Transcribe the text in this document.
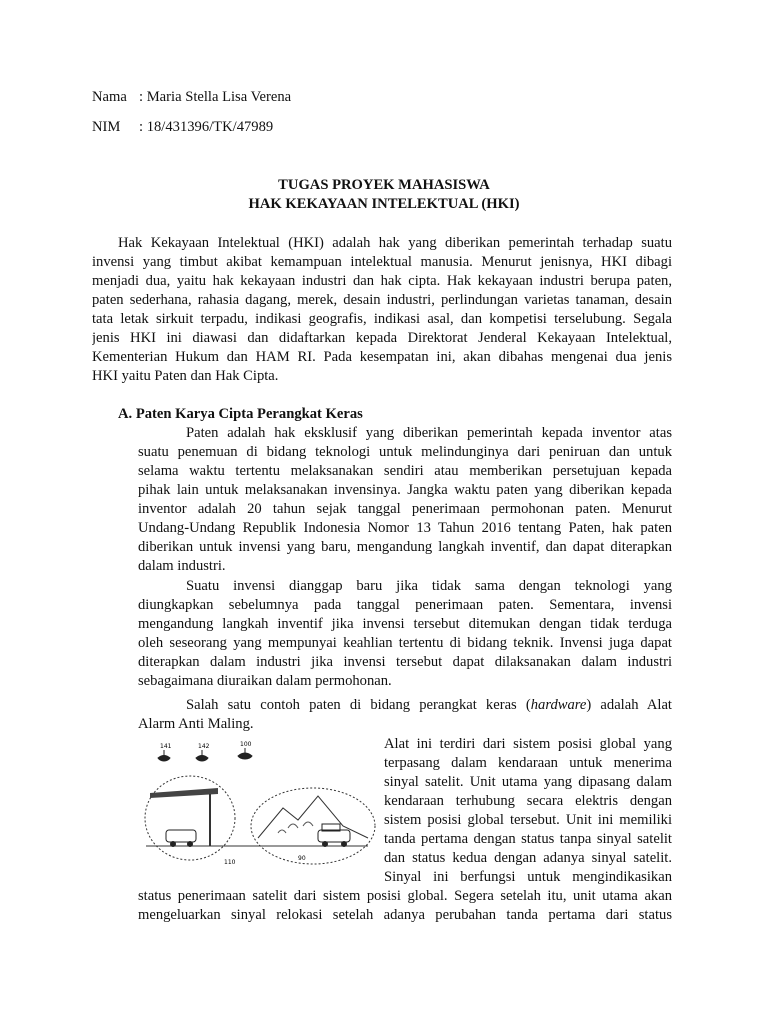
Nama : Maria Stella Lisa Verena
NIM : 18/431396/TK/47989
TUGAS PROYEK MAHASISWA
HAK KEKAYAAN INTELEKTUAL (HKI)
Hak Kekayaan Intelektual (HKI) adalah hak yang diberikan pemerintah terhadap suatu
invensi yang timbut akibat kemampuan intelektual manusia. Menurut jenisnya, HKI dibagi
menjadi dua, yaitu hak kekayaan industri dan hak cipta. Hak kekayaan industri berupa paten,
paten sederhana, rahasia dagang, merek, desain industri, perlindungan varietas tanaman, desain
tata letak sirkuit terpadu, indikasi geografis, indikasi asal, dan kompetisi terselubung. Segala
jenis HKI ini diawasi dan didaftarkan kepada Direktorat Jenderal Kekayaan Intelektual,
Kementerian Hukum dan HAM RI. Pada kesempatan ini, akan dibahas mengenai dua jenis
HKI yaitu Paten dan Hak Cipta.
A. Paten Karya Cipta Perangkat Keras
Paten adalah hak eksklusif yang diberikan pemerintah kepada inventor atas
suatu penemuan di bidang teknologi untuk melindunginya dari peniruan dan untuk
selama waktu tertentu melaksanakan sendiri atau memberikan persetujuan kepada
pihak lain untuk melaksanakan invensinya. Jangka waktu paten yang diberikan kepada
inventor adalah 20 tahun sejak tanggal penerimaan permohonan paten. Menurut
Undang-Undang Republik Indonesia Nomor 13 Tahun 2016 tentang Paten, hak paten
diberikan untuk invensi yang baru, mengandung langkah inventif, dan dapat diterapkan
dalam industri.
Suatu invensi dianggap baru jika tidak sama dengan teknologi yang
diungkapkan sebelumnya pada tanggal penerimaan paten. Sementara, invensi
mengandung langkah inventif jika invensi tersebut ditemukan dengan tidak terduga
oleh seseorang yang mempunyai keahlian tertentu di bidang teknik. Invensi juga dapat
diterapkan dalam industri jika invensi tersebut dapat dilaksanakan dalam industri
sebagaimana diuraikan dalam permohonan.
Salah satu contoh paten di bidang perangkat keras (hardware) adalah Alat
Alarm Anti Maling.
141	142	100
110
90
Alat ini terdiri dari sistem posisi global yang
terpasang dalam kendaraan untuk menerima
sinyal satelit. Unit utama yang dipasang dalam
kendaraan terhubung secara elektris dengan
sistem posisi global tersebut. Unit ini memiliki
tanda pertama dengan status tanpa sinyal satelit
dan status kedua dengan adanya sinyal satelit.
Sinyal ini berfungsi untuk mengindikasikan
status penerimaan satelit dari sistem posisi global. Segera setelah itu, unit utama akan
mengeluarkan sinyal relokasi setelah adanya perubahan tanda pertama dari status
